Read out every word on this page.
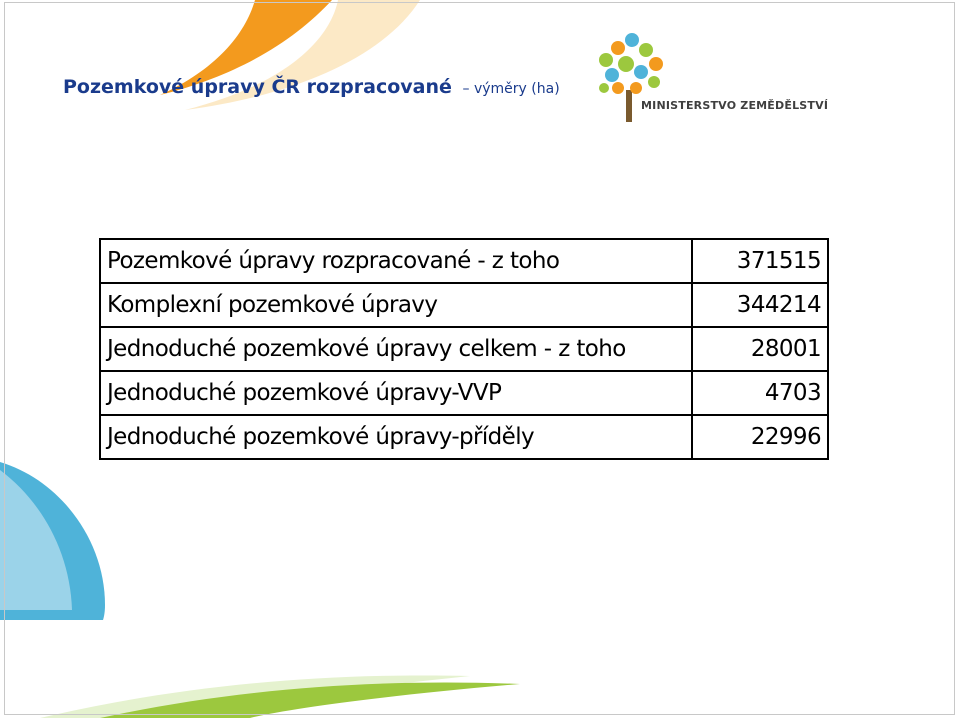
Pozemkové úpravy ČR rozpracované – výměry (ha)
MINISTERSTVO ZEMĚDĚLSTVÍ
Pozemkové úpravy rozpracované - z toho	371515
Komplexní pozemkové úpravy	344214
Jednoduché pozemkové úpravy celkem - z toho	28001
Jednoduché pozemkové úpravy-VVP	4703
Jednoduché pozemkové úpravy-příděly	22996
